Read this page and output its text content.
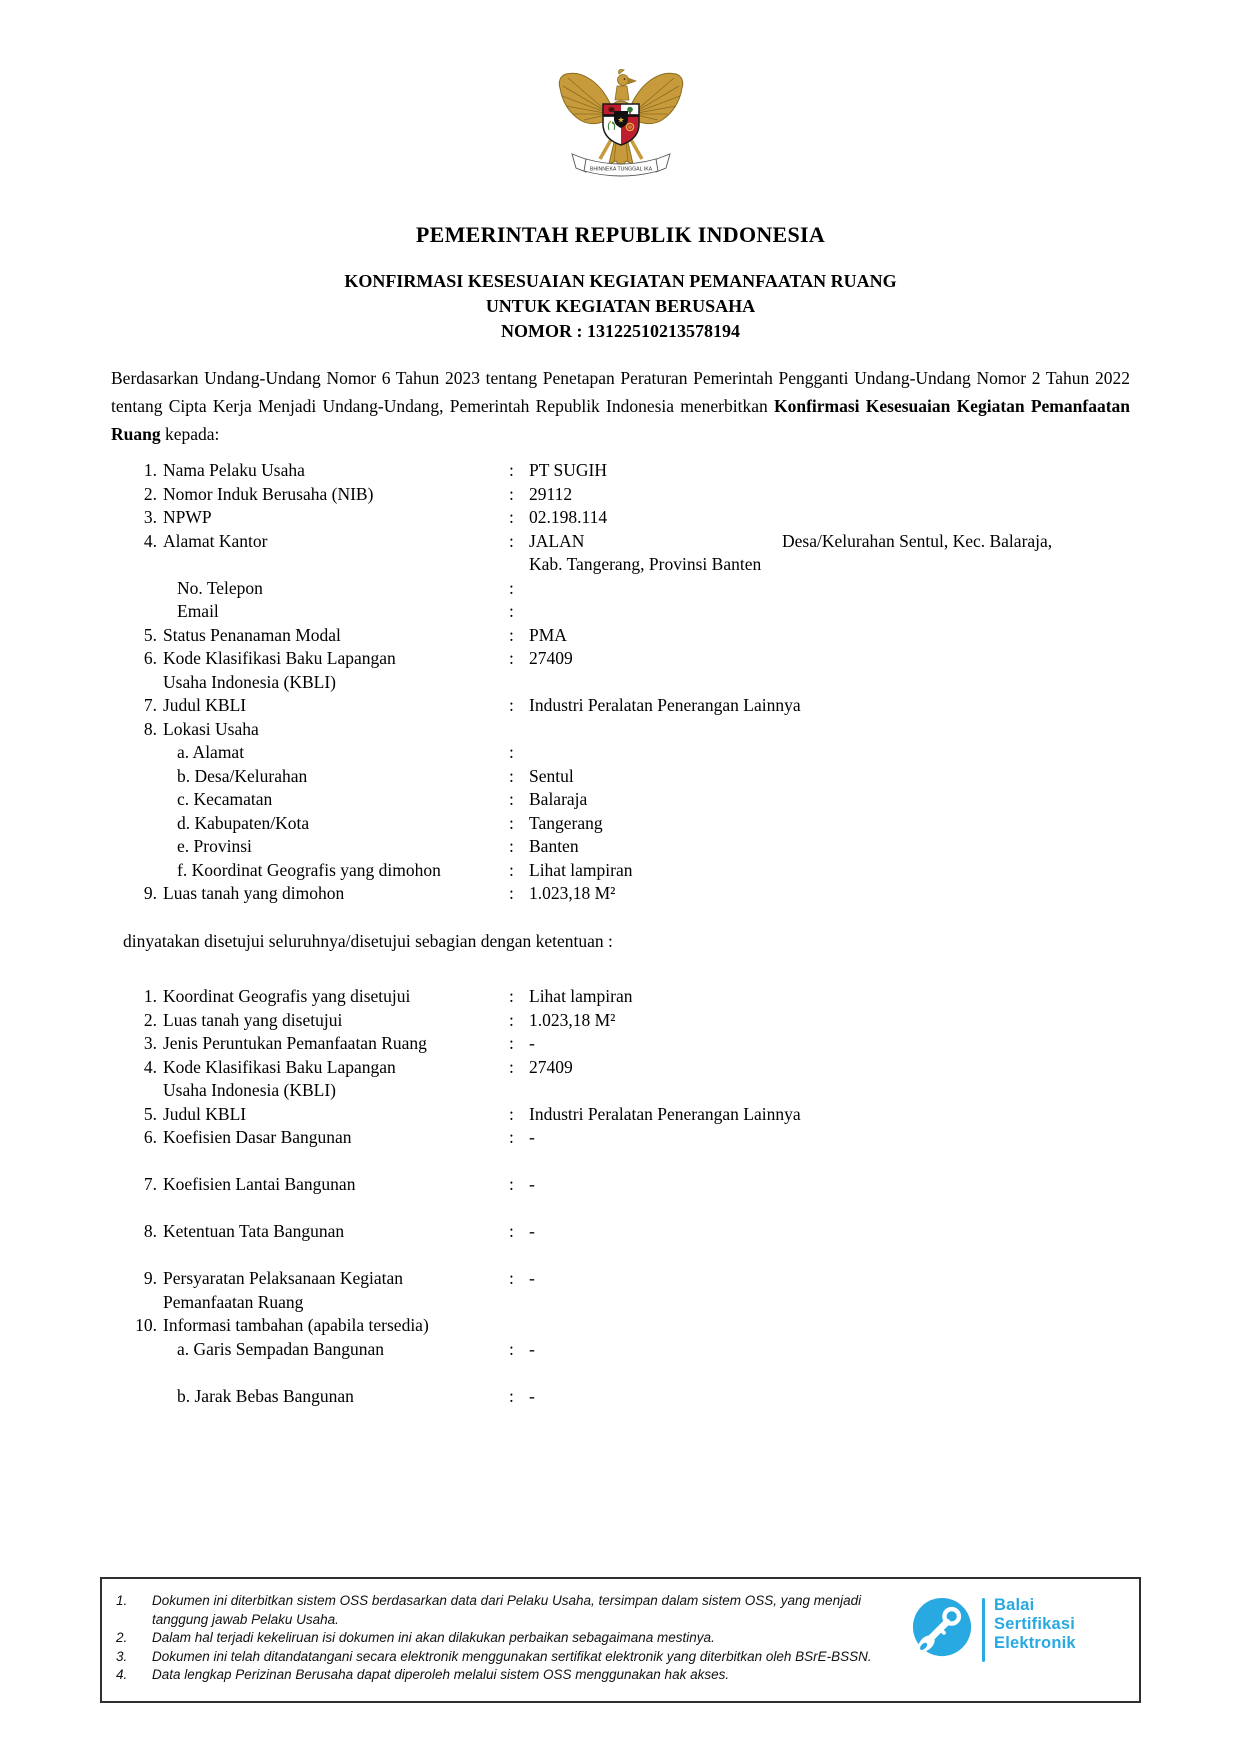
★
BHINNEKA TUNGGAL IKA
PEMERINTAH REPUBLIK INDONESIA
KONFIRMASI KESESUAIAN KEGIATAN PEMANFAATAN RUANG
UNTUK KEGIATAN BERUSAHA
NOMOR : 13122510213578194
Berdasarkan Undang-Undang Nomor 6 Tahun 2023 tentang Penetapan Peraturan Pemerintah Pengganti Undang-Undang Nomor 2 Tahun 2022 tentang Cipta Kerja Menjadi Undang-Undang, Pemerintah Republik Indonesia menerbitkan Konfirmasi Kesesuaian Kegiatan Pemanfaatan Ruang kepada:
1. Nama Pelaku Usaha	: PT SUGIH
2. Nomor Induk Berusaha (NIB)	: 29112
3. NPWP	: 02.198.114
4. Alamat Kantor	: JALAN	Desa/Kelurahan Sentul, Kec. Balaraja,
Kab. Tangerang, Provinsi Banten
No. Telepon	:
Email	:
5. Status Penanaman Modal	: PMA
6. Kode Klasifikasi Baku Lapangan
Usaha Indonesia (KBLI)
: 27409
7. Judul KBLI	: Industri Peralatan Penerangan Lainnya
8. Lokasi Usaha
a. Alamat	:
b. Desa/Kelurahan	: Sentul
c. Kecamatan	: Balaraja
d. Kabupaten/Kota	: Tangerang
e. Provinsi	: Banten
f. Koordinat Geografis yang dimohon	: Lihat lampiran
9. Luas tanah yang dimohon	: 1.023,18 M²
dinyatakan disetujui seluruhnya/disetujui sebagian dengan ketentuan :
1. Koordinat Geografis yang disetujui	: Lihat lampiran
2. Luas tanah yang disetujui	: 1.023,18 M²
3. Jenis Peruntukan Pemanfaatan Ruang	: -
4. Kode Klasifikasi Baku Lapangan
Usaha Indonesia (KBLI)
: 27409
5. Judul KBLI	: Industri Peralatan Penerangan Lainnya
6. Koefisien Dasar Bangunan	: -
7. Koefisien Lantai Bangunan	: -
8. Ketentuan Tata Bangunan	: -
9. Persyaratan Pelaksanaan Kegiatan
Pemanfaatan Ruang
: -
10. Informasi tambahan (apabila tersedia)
a. Garis Sempadan Bangunan	: -
b. Jarak Bebas Bangunan	: -
1.	Dokumen ini diterbitkan sistem OSS berdasarkan data dari Pelaku Usaha, tersimpan dalam sistem OSS, yang menjadi tanggung jawab Pelaku Usaha.
2.	Dalam hal terjadi kekeliruan isi dokumen ini akan dilakukan perbaikan sebagaimana mestinya.
3.	Dokumen ini telah ditandatangani secara elektronik menggunakan sertifikat elektronik yang diterbitkan oleh BSrE-BSSN.
4.	Data lengkap Perizinan Berusaha dapat diperoleh melalui sistem OSS menggunakan hak akses.
Balai
Sertifikasi
Elektronik
